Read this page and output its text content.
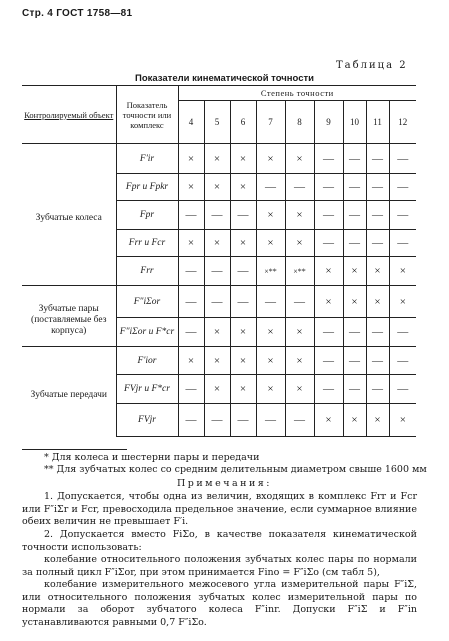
Стр. 4 ГОСТ 1758—81
Таблица 2
Показатели кинематической точности
Контролируемый объект	Показатель точности или комплекс	Степень точности								
		4	5	6	7	8	9	10	11	12
Зубчатые колеса	F′ir	×	×	×	×	×	—	—	—	—
	Fpr и Fpkr	×	×	×	—	—	—	—	—	—
	Fpr	—	—	—	×	×	—	—	—	—
	Frr и Fcr	×	×	×	×	×	—	—	—	—
	Frr	—	—	—	×**	×**	×	×	×	×
Зубчатые пары (поставляемые без корпуса)	F″iΣor	—	—	—	—	—	×	×	×	×
	F″iΣor и F*cr	—	×	×	×	×	—	—	—	—
Зубчатые передачи	F′ior	×	×	×	×	×	—	—	—	—
	FVjr и F*cr	—	×	×	×	×	—	—	—	—
	FVjr	—	—	—	—	—	×	×	×	×
* Для колеса и шестерни пары и передачи
** Для зубчатых колес со средним делительным диаметром свыше 1600 мм
Примечания:
1. Допускается, чтобы одна из величин, входящих в комплекс Frr и Fcr или F″iΣr и Fcr, превосходила предельное значение, если суммарное влияние обеих величин не превышает F′i.
2. Допускается вместо FiΣo, в качестве показателя кинематической точности использовать:
колебание относительного положения зубчатых колес пары по нормали за полный цикл F″iΣor, при этом принимается Fino = F″iΣo (см табл 5),
колебание измерительного межосевого угла измерительной пары F″iΣ, или относительного положения зубчатых колес измерительной пары по нормали за оборот зубчатого колеса F″inr. Допуски F″iΣ и F″in устанавливаются равными 0,7 F″iΣo.
